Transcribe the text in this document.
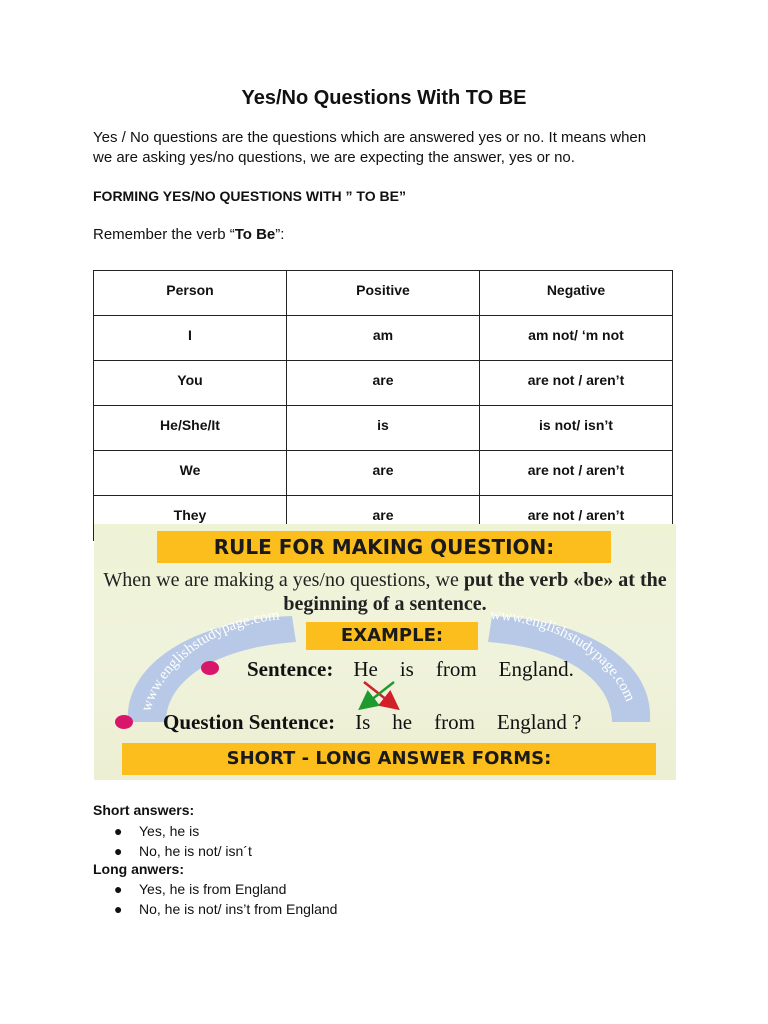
Yes/No Questions With TO BE

Yes / No questions are the questions which are answered yes or no. It means when
we are asking yes/no questions, we are expecting the answer, yes or no.

FORMING YES/NO QUESTIONS WITH ” TO BE”

Remember the verb “To Be”:

Person	Positive	Negative
I	am	am not/ ‘m not
You	are	are not / aren’t
He/She/It	is	is not/ isn’t
We	are	are not / aren’t
They	are	are not / aren’t
www.englishstudypage.com	www.englishstudypage.com
RULE FOR MAKING QUESTION:
When we are making a yes/no questions, we put the verb «be» at the
beginning of a sentence.
EXAMPLE:
Sentence: He is from England.
Question Sentence: Is he from England ?
SHORT - LONG ANSWER FORMS:

Short answers:

● Yes, he is
● No, he is not/ isn´t

Long anwers:

● Yes, he is from England
● No, he is not/ ins’t from England
